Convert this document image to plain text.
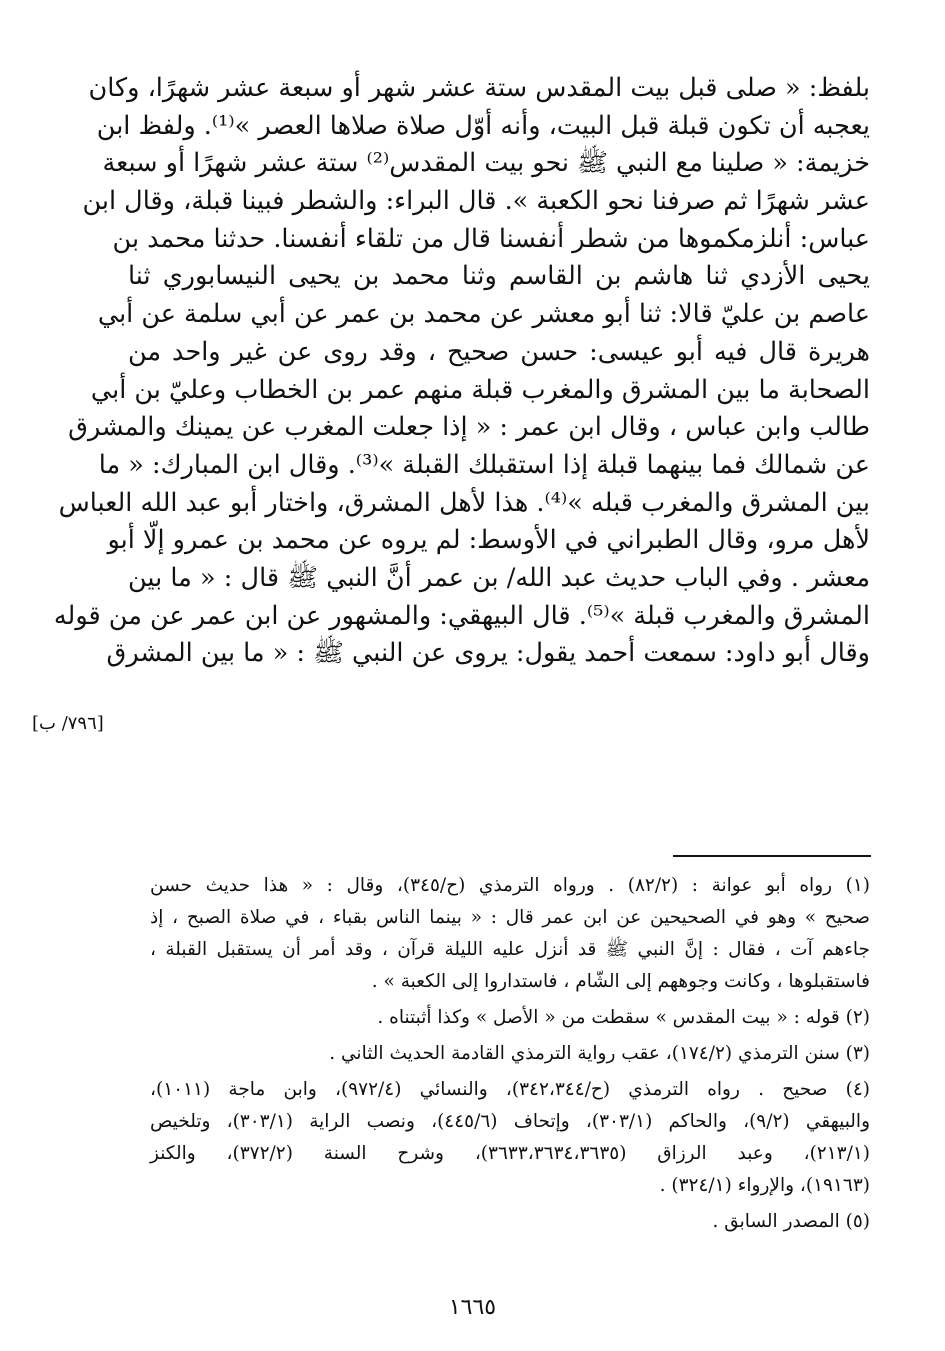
بلفظ: « صلى قبل بيت المقدس ستة عشر شهر أو سبعة عشر شهرًا، وكان
يعجبه أن تكون قبلة قبل البيت، وأنه أوّل صلاة صلاها العصر »⁽¹⁾. ولفظ ابن
خزيمة: « صلينا مع النبي ﷺ نحو بيت المقدس⁽²⁾ ستة عشر شهرًا أو سبعة
عشر شهرًا ثم صرفنا نحو الكعبة ». قال البراء: والشطر فبينا قبلة، وقال ابن
عباس: أنلزمكموها من شطر أنفسنا قال من تلقاء أنفسنا. حدثنا محمد بن
يحيى الأزدي ثنا هاشم بن القاسم وثنا محمد بن يحيى النيسابوري ثنا
عاصم بن عليّ قالا: ثنا أبو معشر عن محمد بن عمر عن أبي سلمة عن أبي
هريرة قال فيه أبو عيسى: حسن صحيح ، وقد روى عن غير واحد من
الصحابة ما بين المشرق والمغرب قبلة منهم عمر بن الخطاب وعليّ بن أبي
طالب وابن عباس ، وقال ابن عمر : « إذا جعلت المغرب عن يمينك والمشرق
عن شمالك فما بينهما قبلة إذا استقبلك القبلة »⁽³⁾. وقال ابن المبارك: « ما
بين المشرق والمغرب قبله »⁽⁴⁾. هذا لأهل المشرق، واختار أبو عبد الله العباس
لأهل مرو، وقال الطبراني في الأوسط: لم يروه عن محمد بن عمرو إلّا أبو
معشر . وفي الباب حديث عبد الله/ بن عمر أنَّ النبي ﷺ قال : « ما بين
المشرق والمغرب قبلة »⁽⁵⁾. قال البيهقي: والمشهور عن ابن عمر عن من قوله
وقال أبو داود: سمعت أحمد يقول: يروى عن النبي ﷺ : « ما بين المشرق
[٧٩٦/ ب]
(١) رواه أبو عوانة : (٨٢/٢) . ورواه الترمذي (ح/٣٤٥)، وقال : « هذا حديث حسن
صحيح » وهو في الصحيحين عن ابن عمر قال : « بينما الناس بقباء ، في صلاة الصبح ، إذ
جاءهم آت ، فقال : إنَّ النبي ﷺ قد أنزل عليه الليلة قرآن ، وقد أمر أن يستقبل القبلة ،
فاستقبلوها ، وكانت وجوههم إلى الشّام ، فاستداروا إلى الكعبة » .
(٢) قوله : « بيت المقدس » سقطت من « الأصل » وكذا أثبتناه .
(٣) سنن الترمذي (١٧٤/٢)، عقب رواية الترمذي القادمة الحديث الثاني .
(٤) صحيح . رواه الترمذي (ح/٣٤٢،٣٤٤)، والنسائي (٩٧٢/٤)، وابن ماجة (١٠١١)،
والبيهقي (٩/٢)، والحاكم (٣٠٣/١)، وإتحاف (٤٤٥/٦)، ونصب الراية (٣٠٣/١)، وتلخيص
(٢١٣/١)، وعبد الرزاق (٣٦٣٣،٣٦٣٤،٣٦٣٥)، وشرح السنة (٣٧٢/٢)، والكنز
(١٩١٦٣)، والإرواء (٣٢٤/١) .
(٥) المصدر السابق .
١٦٦٥
